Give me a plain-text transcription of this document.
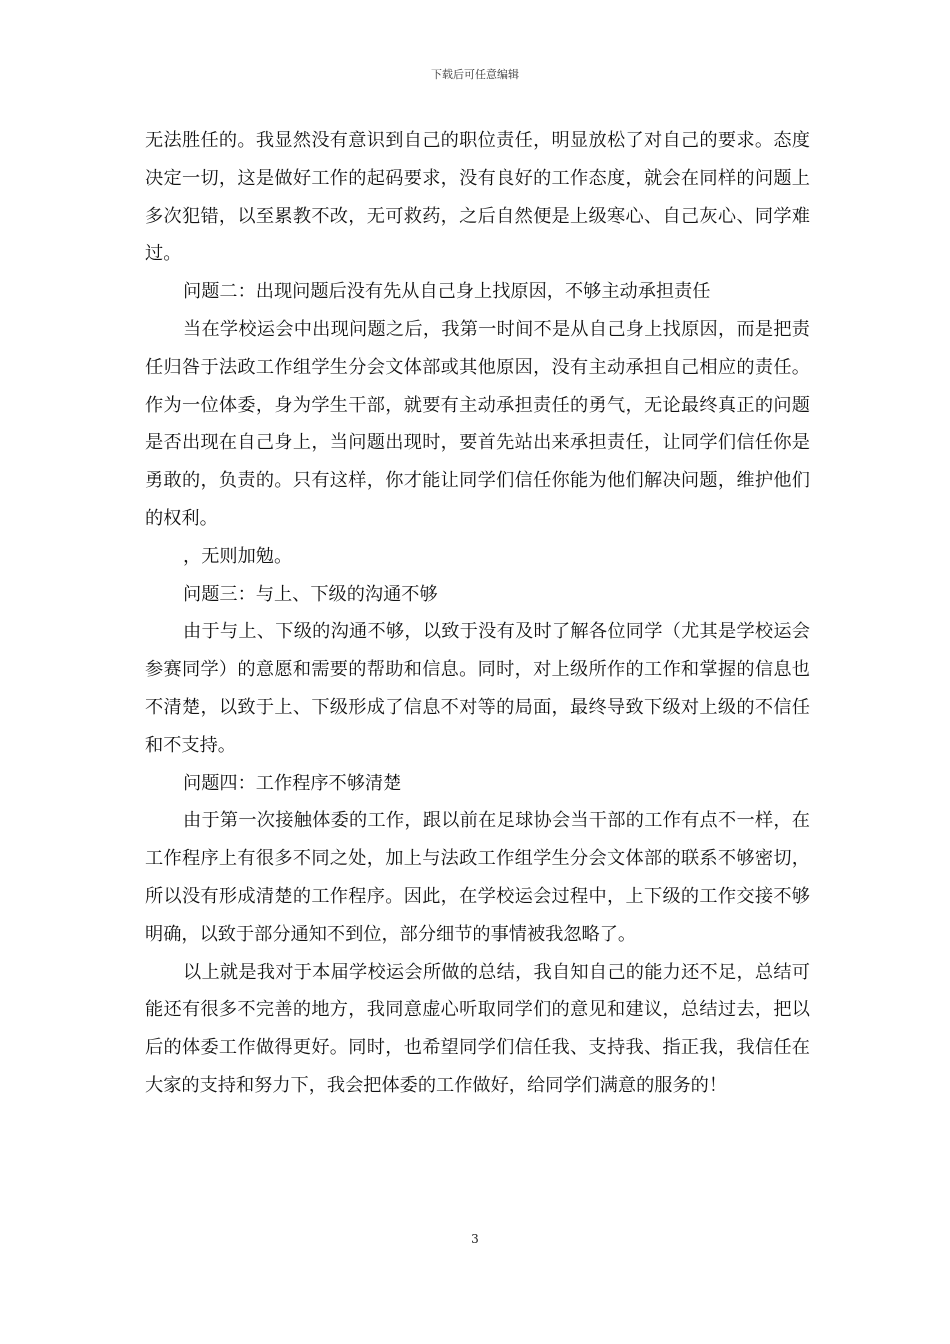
下载后可任意编辑

无法胜任的。我显然没有意识到自己的职位责任，明显放松了对自己的要求。态度决定一切，这是做好工作的起码要求，没有良好的工作态度，就会在同样的问题上多次犯错，以至累教不改，无可救药，之后自然便是上级寒心、自己灰心、同学难过。

问题二：出现问题后没有先从自己身上找原因，不够主动承担责任

当在学校运会中出现问题之后，我第一时间不是从自己身上找原因，而是把责任归咎于法政工作组学生分会文体部或其他原因，没有主动承担自己相应的责任。作为一位体委，身为学生干部，就要有主动承担责任的勇气，无论最终真正的问题是否出现在自己身上，当问题出现时，要首先站出来承担责任，让同学们信任你是勇敢的，负责的。只有这样，你才能让同学们信任你能为他们解决问题，维护他们的权利。

，无则加勉。

问题三：与上、下级的沟通不够

由于与上、下级的沟通不够，以致于没有及时了解各位同学（尤其是学校运会参赛同学）的意愿和需要的帮助和信息。同时，对上级所作的工作和掌握的信息也不清楚，以致于上、下级形成了信息不对等的局面，最终导致下级对上级的不信任和不支持。

问题四：工作程序不够清楚

由于第一次接触体委的工作，跟以前在足球协会当干部的工作有点不一样，在工作程序上有很多不同之处，加上与法政工作组学生分会文体部的联系不够密切，所以没有形成清楚的工作程序。因此，在学校运会过程中，上下级的工作交接不够明确，以致于部分通知不到位，部分细节的事情被我忽略了。

以上就是我对于本届学校运会所做的总结，我自知自己的能力还不足，总结可能还有很多不完善的地方，我同意虚心听取同学们的意见和建议，总结过去，把以后的体委工作做得更好。同时，也希望同学们信任我、支持我、指正我，我信任在大家的支持和努力下，我会把体委的工作做好，给同学们满意的服务的！

3
